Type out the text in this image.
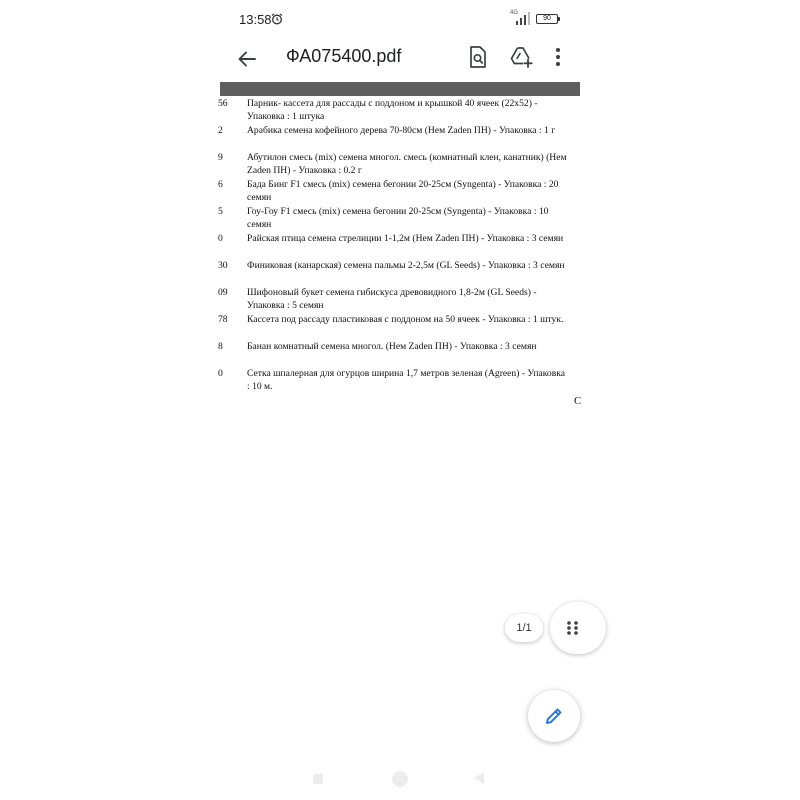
13:58	4G
90
ФА075400.pdf
56 Парник- кассета для рассады с поддоном и крышкой 40 ячеек (22х52) - Упаковка : 1 штука
2	Арабика семена кофейного дерева 70-80см (Нем Zaden ПН) - Упаковка : 1 г
9	Абутилон смесь (mix) семена многол. смесь (комнатный клен, канатник) (Нем Zaden ПН) - Упаковка : 0.2 г
6	Бада Бинг F1 смесь (mix) семена бегонии 20-25см (Syngenta) - Упаковка : 20 семян
5	Гоу-Гоу F1 смесь (mix) семена бегонии 20-25см (Syngenta) - Упаковка : 10 семян
0	Райская птица семена стрелиции 1-1,2м (Нем Zaden ПН) - Упаковка : 3 семян
30 Финиковая (канарская) семена пальмы 2-2,5м (GL Seeds) - Упаковка : 3 семян
09 Шифоновый букет семена гибискуса древовидного 1,8-2м (GL Seeds) - Упаковка : 5 семян
78 Кассета под рассаду пластиковая с поддоном на 50 ячеек - Упаковка : 1 штук.
8	Банан комнатный семена многол. (Нем Zaden ПН) - Упаковка : 3 семян
0	Сетка шпалерная для огурцов ширина 1,7 метров зеленая (Agreen) - Упаковка : 10 м.
С
1/1
